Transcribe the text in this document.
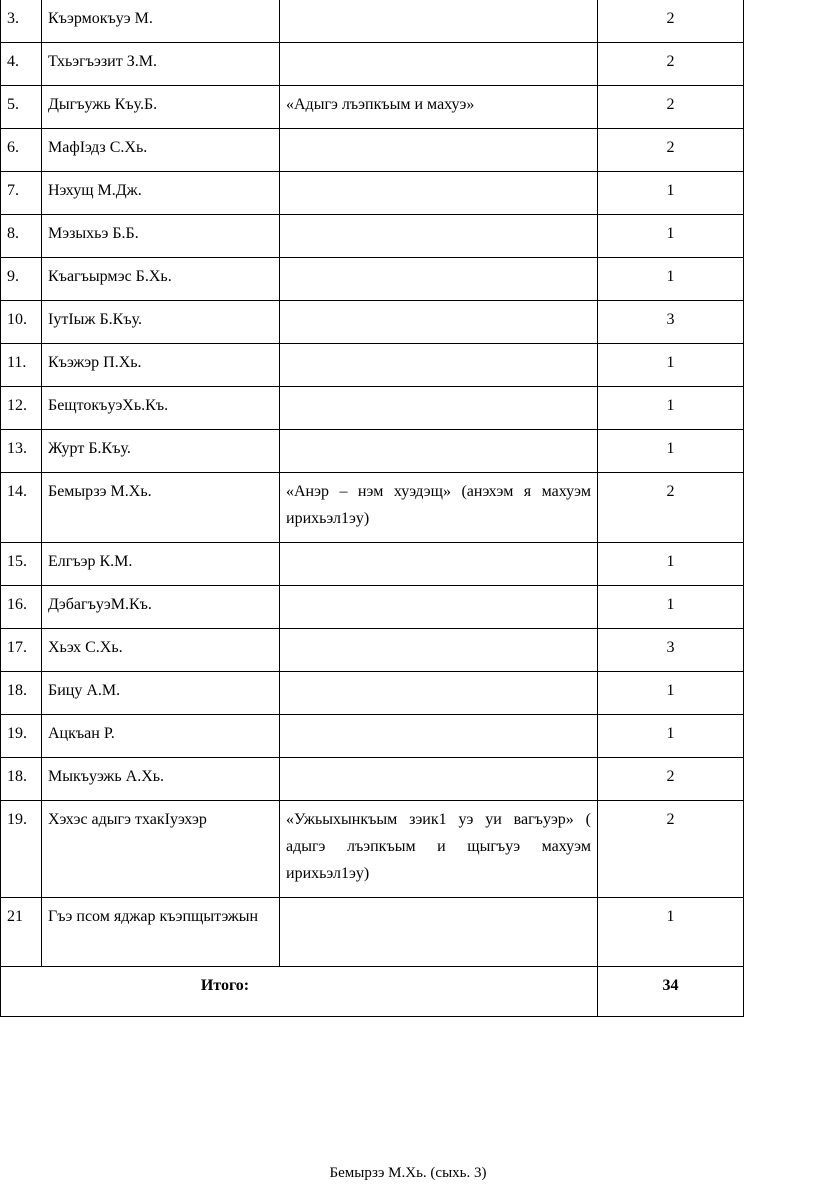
3.	Къэрмокъуэ М.		2
4.	Тхьэгъэзит З.М.		2
5.	Дыгъужь Къу.Б.	«Адыгэ лъэпкъым и махуэ»	2
6.	МафIэдз С.Хь.		2
7.	Нэхущ М.Дж.		1
8.	Мэзыхьэ Б.Б.		1
9.	Къагъырмэс Б.Хь.		1
10.	IутIыж Б.Къу.		3
11.	Къэжэр П.Хь.		1
12.	БещтокъуэХь.Къ.		1
13.	Журт Б.Къу.		1
14.	Бемырзэ М.Хь.	«Анэр – нэм хуэдэщ» (анэхэм я махуэм ирихьэл1эу)	2
15.	Елгъэр К.М.		1
16.	ДэбагъуэМ.Къ.		1
17.	Хьэх С.Хь.		3
18.	Бицу А.М.		1
19.	Ацкъан Р.		1
18.	Мыкъуэжь А.Хь.		2
19.	Хэхэс адыгэ тхакIуэхэр	«Ужьыхынкъым зэик1 уэ уи вагъуэр» ( адыгэ лъэпкъым и щыгъуэ махуэм ирихьэл1эу)	2
21	Гъэ псом яджар къэпщытэжын		1
Итого:			34
Бемырзэ М.Хь. (сыхь. 3)
